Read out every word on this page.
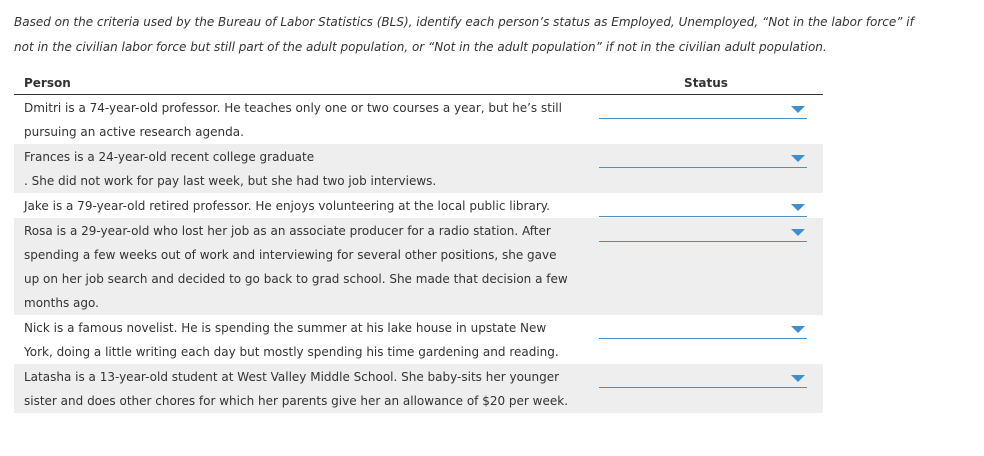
Based on the criteria used by the Bureau of Labor Statistics (BLS), identify each person’s status as Employed, Unemployed, “Not in the labor force” if
not in the civilian labor force but still part of the adult population, or “Not in the adult population” if not in the civilian adult population.

Person	Status
Dmitri is a 74-year-old professor. He teaches only one or two courses a year, but he’s still
pursuing an active research agenda.
Frances is a 24-year-old recent college graduate
. She did not work for pay last week, but she had two job interviews.
Jake is a 79-year-old retired professor. He enjoys volunteering at the local public library.
Rosa is a 29-year-old who lost her job as an associate producer for a radio station. After
spending a few weeks out of work and interviewing for several other positions, she gave
up on her job search and decided to go back to grad school. She made that decision a few
months ago.
Nick is a famous novelist. He is spending the summer at his lake house in upstate New
York, doing a little writing each day but mostly spending his time gardening and reading.
Latasha is a 13-year-old student at West Valley Middle School. She baby-sits her younger
sister and does other chores for which her parents give her an allowance of $20 per week.
